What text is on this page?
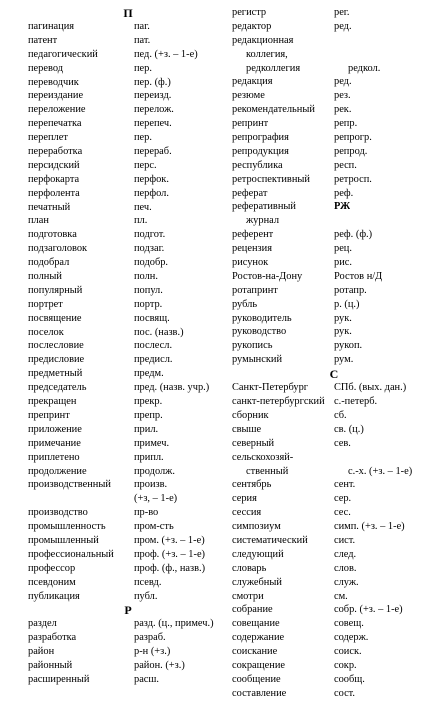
П
пагинация	паг.
патент	пат.
педагогический	пед. (+з. – 1-е)
перевод	пер.
переводчик	пер. (ф.)
переиздание	переизд.
переложение	перелож.
перепечатка	перепеч.
переплет	пер.
переработка	перераб.
персидский	перс.
перфокарта	перфок.
перфолента	перфол.
печатный	печ.
план	пл.
подготовка	подгот.
подзаголовок	подзаг.
подобрал	подобр.
полный	полн.
популярный	попул.
портрет	портр.
посвящение	посвящ.
поселок	пос. (назв.)
послесловие	послесл.
предисловие	предисл.
предметный	предм.
председатель	пред. (назв. учр.)
прекращен	прекр.
препринт	препр.
приложение	прил.
примечание	примеч.
приплетено	припл.
продолжение	продолж.
производственный	произв.
(+з, – 1-е)
производство	пр-во
промышленность	пром-сть
промышленный	пром. (+з. – 1-е)
профессиональный	проф. (+з. – 1-е)
профессор	проф. (ф., назв.)
псевдоним	псевд.
публикация	публ.
Р
раздел	разд. (ц., примеч.)
разработка	разраб.
район	р-н (+з.)
районный	район. (+з.)
расширенный	расш.
регистр	рег.
редактор	ред.
редакционная
коллегия,
редколлегия	редкол.
редакция	ред.
резюме	рез.
рекомендательный	рек.
репринт	репр.
репрография	репрогр.
репродукция	репрод.
республика	респ.
ретроспективный	ретросп.
реферат	реф.
реферативный	РЖ
журнал
референт	реф. (ф.)
рецензия	рец.
рисунок	рис.
Ростов-на-Дону	Ростов н/Д
ротапринт	ротапр.
рубль	р. (ц.)
руководитель	рук.
руководство	рук.
рукопись	рукоп.
румынский	рум.
С
Санкт-Петербург	СПб. (вых. дан.)
санкт-петербургский с.-петерб.
сборник	сб.
свыше	св. (ц.)
северный	сев.
сельскохозяй-
ственный	с.-х. (+з. – 1-е)
сентябрь	сент.
серия	сер.
сессия	сес.
симпозиум	симп. (+з. – 1-е)
систематический	сист.
следующий	след.
словарь	слов.
служебный	служ.
смотри	см.
собрание	собр. (+з. – 1-е)
совещание	совещ.
содержание	содерж.
соискание	соиск.
сокращение	сокр.
сообщение	сообщ.
составление	сост.
